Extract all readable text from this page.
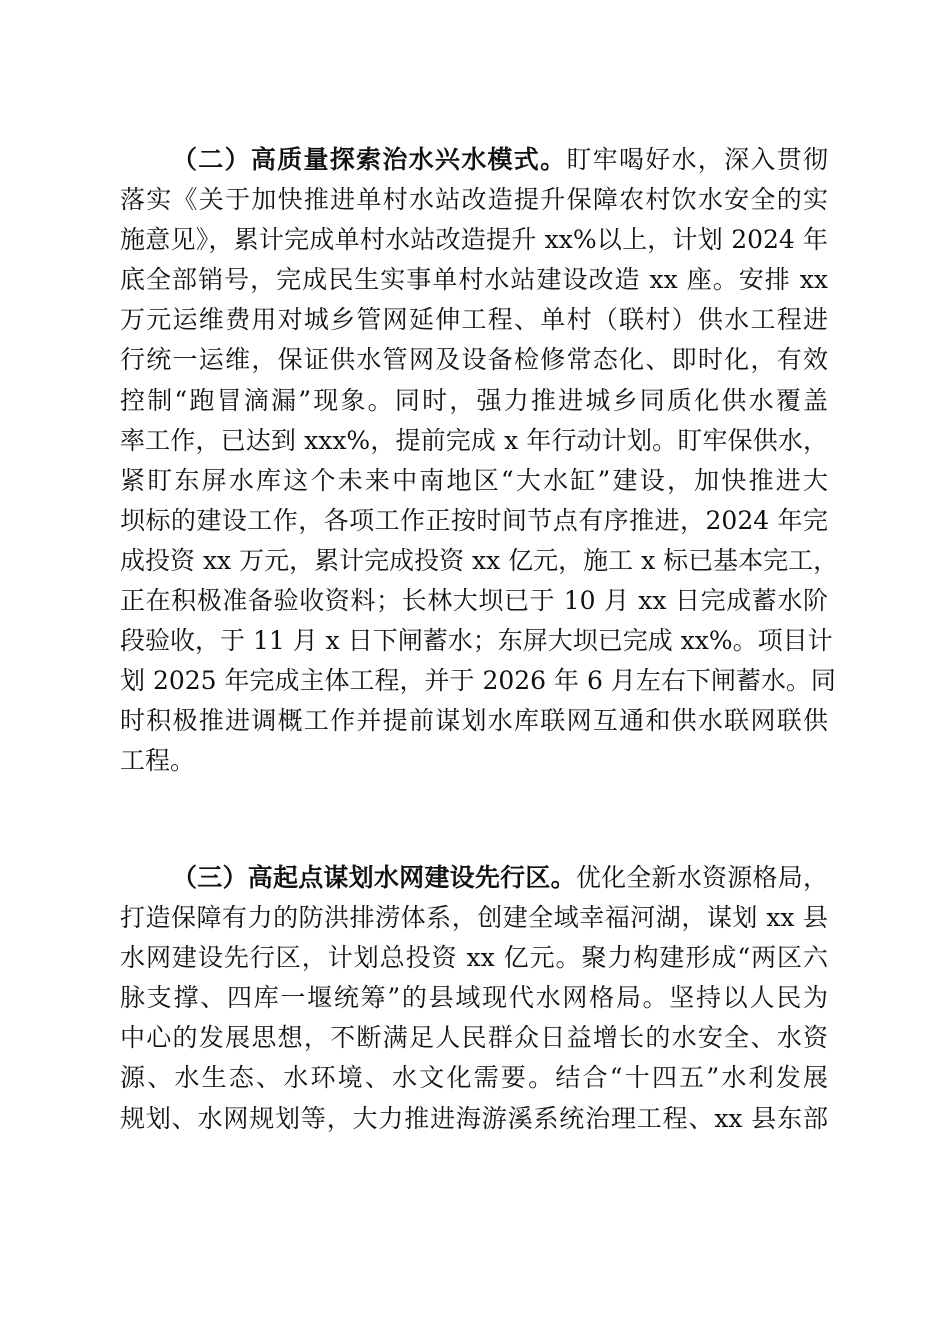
（二）高质量探索治水兴水模式。盯牢喝好水，深入贯彻
落实《关于加快推进单村水站改造提升保障农村饮水安全的实
施意见》，累计完成单村水站改造提升 xx%以上，计划 2024 年
底全部销号，完成民生实事单村水站建设改造 xx 座。安排 xx
万元运维费用对城乡管网延伸工程、单村（联村）供水工程进
行统一运维，保证供水管网及设备检修常态化、即时化，有效
控制“跑冒滴漏”现象。同时，强力推进城乡同质化供水覆盖
率工作，已达到 xxx%，提前完成 x 年行动计划。盯牢保供水，
紧盯东屏水库这个未来中南地区“大水缸”建设，加快推进大
坝标的建设工作，各项工作正按时间节点有序推进，2024 年完
成投资 xx 万元，累计完成投资 xx 亿元，施工 x 标已基本完工，
正在积极准备验收资料；长林大坝已于 10 月 xx 日完成蓄水阶
段验收，于 11 月 x 日下闸蓄水；东屏大坝已完成 xx%。项目计
划 2025 年完成主体工程，并于 2026 年 6 月左右下闸蓄水。同
时积极推进调概工作并提前谋划水库联网互通和供水联网联供
工程。
（三）高起点谋划水网建设先行区。优化全新水资源格局，
打造保障有力的防洪排涝体系，创建全域幸福河湖，谋划 xx 县
水网建设先行区，计划总投资 xx 亿元。聚力构建形成“两区六
脉支撑、四库一堰统筹”的县域现代水网格局。坚持以人民为
中心的发展思想，不断满足人民群众日益增长的水安全、水资
源、水生态、水环境、水文化需要。结合“十四五”水利发展
规划、水网规划等，大力推进海游溪系统治理工程、xx 县东部
